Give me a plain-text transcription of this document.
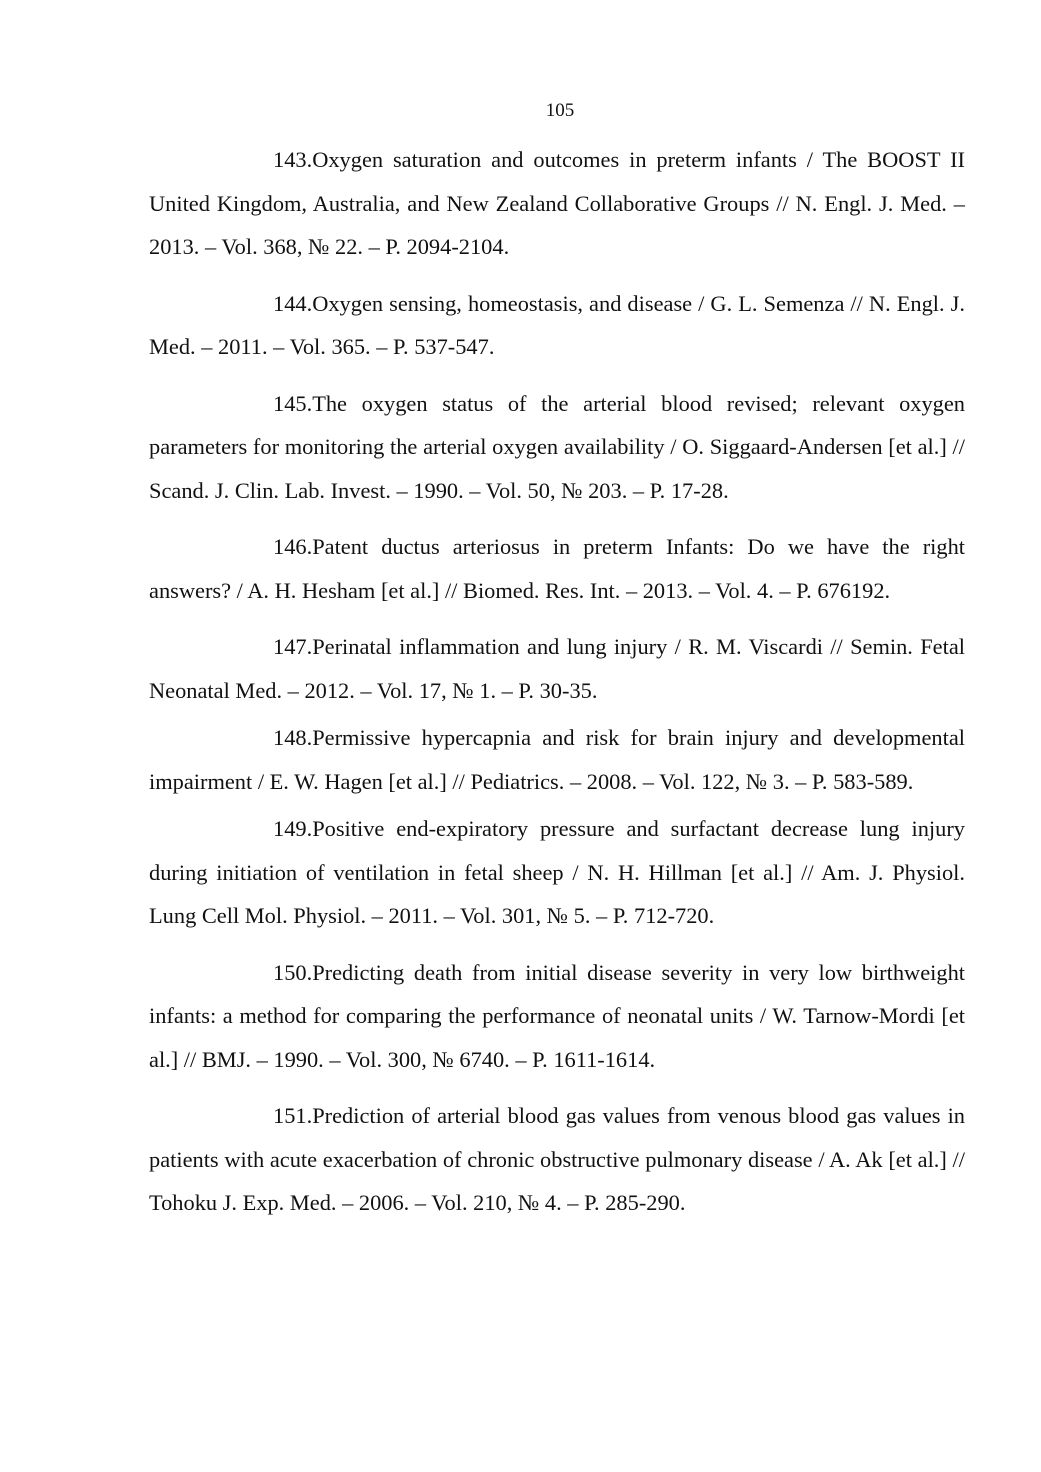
105

143.Oxygen saturation and outcomes in preterm infants / The BOOST II United Kingdom, Australia, and New Zealand Collaborative Groups // N. Engl. J. Med. – 2013. – Vol. 368, № 22. – P. 2094-2104.

144.Oxygen sensing, homeostasis, and disease / G. L. Semenza // N. Engl. J. Med. – 2011. – Vol. 365. – P. 537-547.

145.The oxygen status of the arterial blood revised; relevant oxygen parameters for monitoring the arterial oxygen availability / O. Siggaard-Andersen [et al.] // Scand. J. Clin. Lab. Invest. – 1990. – Vol. 50, № 203. – P. 17-28.

146.Patent ductus arteriosus in preterm Infants: Do we have the right answers? / A. H. Hesham [et al.] // Biomed. Res. Int. – 2013. – Vol. 4. – P. 676192.

147.Perinatal inflammation and lung injury / R. M. Viscardi // Semin. Fetal Neonatal Med. – 2012. – Vol. 17, № 1. – P. 30-35.

148.Permissive hypercapnia and risk for brain injury and developmental impairment / E. W. Hagen [et al.] // Pediatrics. – 2008. – Vol. 122, № 3. – P. 583-589.

149.Positive end-expiratory pressure and surfactant decrease lung injury during initiation of ventilation in fetal sheep / N. H. Hillman [et al.] // Am. J. Physiol. Lung Cell Mol. Physiol. – 2011. – Vol. 301, № 5. – P. 712-720.

150.Predicting death from initial disease severity in very low birthweight infants: a method for comparing the performance of neonatal units / W. Tarnow-Mordi [et al.] // BMJ. – 1990. – Vol. 300, № 6740. – P. 1611-1614.

151.Prediction of arterial blood gas values from venous blood gas values in patients with acute exacerbation of chronic obstructive pulmonary disease / A. Ak [et al.] // Tohoku J. Exp. Med. – 2006. – Vol. 210, № 4. – P. 285-290.
